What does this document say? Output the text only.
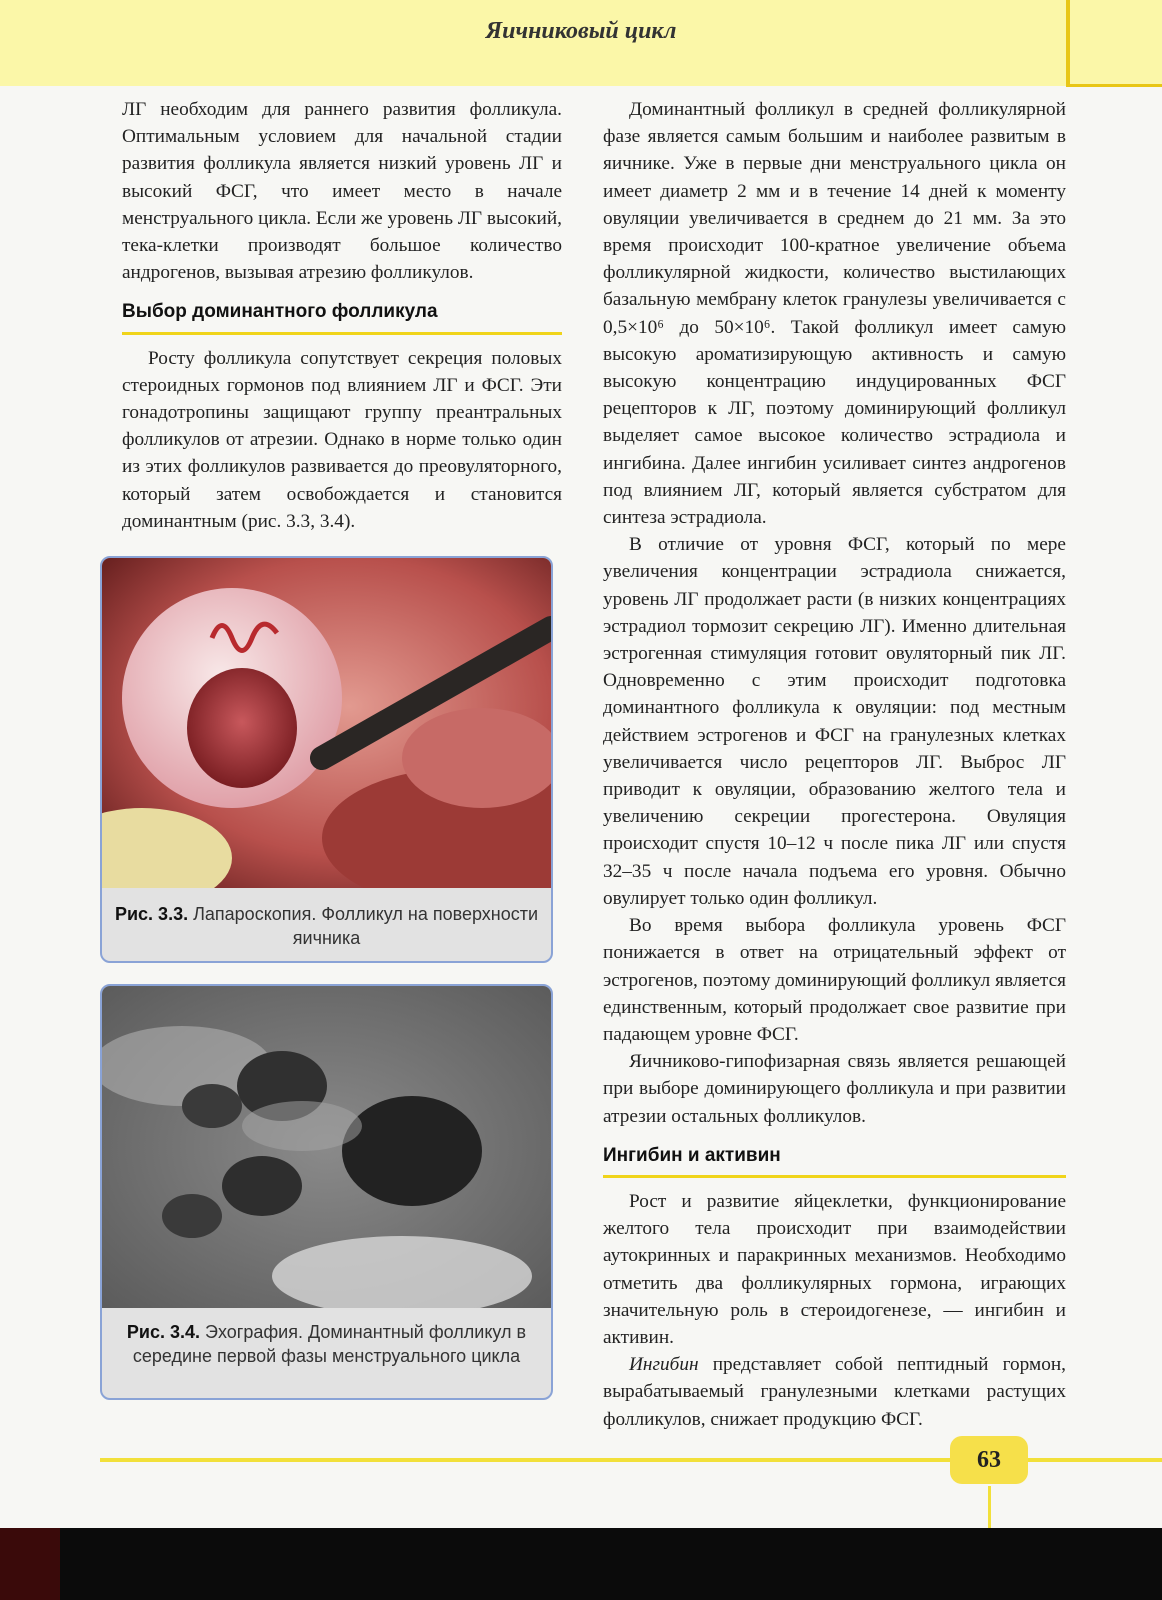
Яичниковый цикл

ЛГ необходим для раннего развития фолликула. Оптимальным условием для начальной стадии развития фолликула является низкий уровень ЛГ и высокий ФСГ, что имеет место в начале менструального цикла. Если же уровень ЛГ высокий, тека-клетки производят большое количество андрогенов, вызывая атрезию фолликулов.

Выбор доминантного фолликула

Росту фолликула сопутствует секреция половых стероидных гормонов под влиянием ЛГ и ФСГ. Эти гонадотропины защищают группу преантральных фолликулов от атрезии. Однако в норме только один из этих фолликулов развивается до преовуляторного, который затем освобождается и становится доминантным (рис. 3.3, 3.4).

Рис. 3.3. Лапароскопия. Фолликул на поверхности яичника
Рис. 3.4. Эхография. Доминантный фолликул в середине первой фазы менструального цикла

Доминантный фолликул в средней фолликулярной фазе является самым большим и наиболее развитым в яичнике. Уже в первые дни менструального цикла он имеет диаметр 2 мм и в течение 14 дней к моменту овуляции увеличивается в среднем до 21 мм. За это время происходит 100-кратное увеличение объема фолликулярной жидкости, количество выстилающих базальную мембрану клеток гранулезы увеличивается с 0,5×10⁶ до 50×10⁶. Такой фолликул имеет самую высокую ароматизирующую активность и самую высокую концентрацию индуцированных ФСГ рецепторов к ЛГ, поэтому доминирующий фолликул выделяет самое высокое количество эстрадиола и ингибина. Далее ингибин усиливает синтез андрогенов под влиянием ЛГ, который является субстратом для синтеза эстрадиола.

В отличие от уровня ФСГ, который по мере увеличения концентрации эстрадиола снижается, уровень ЛГ продолжает расти (в низких концентрациях эстрадиол тормозит секрецию ЛГ). Именно длительная эстрогенная стимуляция готовит овуляторный пик ЛГ. Одновременно с этим происходит подготовка доминантного фолликула к овуляции: под местным действием эстрогенов и ФСГ на гранулезных клетках увеличивается число рецепторов ЛГ. Выброс ЛГ приводит к овуляции, образованию желтого тела и увеличению секреции прогестерона. Овуляция происходит спустя 10–12 ч после пика ЛГ или спустя 32–35 ч после начала подъема его уровня. Обычно овулирует только один фолликул.

Во время выбора фолликула уровень ФСГ понижается в ответ на отрицательный эффект от эстрогенов, поэтому доминирующий фолликул является единственным, который продолжает свое развитие при падающем уровне ФСГ.

Яичниково-гипофизарная связь является решающей при выборе доминирующего фолликула и при развитии атрезии остальных фолликулов.

Ингибин и активин

Рост и развитие яйцеклетки, функционирование желтого тела происходит при взаимодействии аутокринных и паракринных механизмов. Необходимо отметить два фолликулярных гормона, играющих значительную роль в стероидогенезе, — ингибин и активин.

Ингибин представляет собой пептидный гормон, вырабатываемый гранулезными клетками растущих фолликулов, снижает продукцию ФСГ.

63
